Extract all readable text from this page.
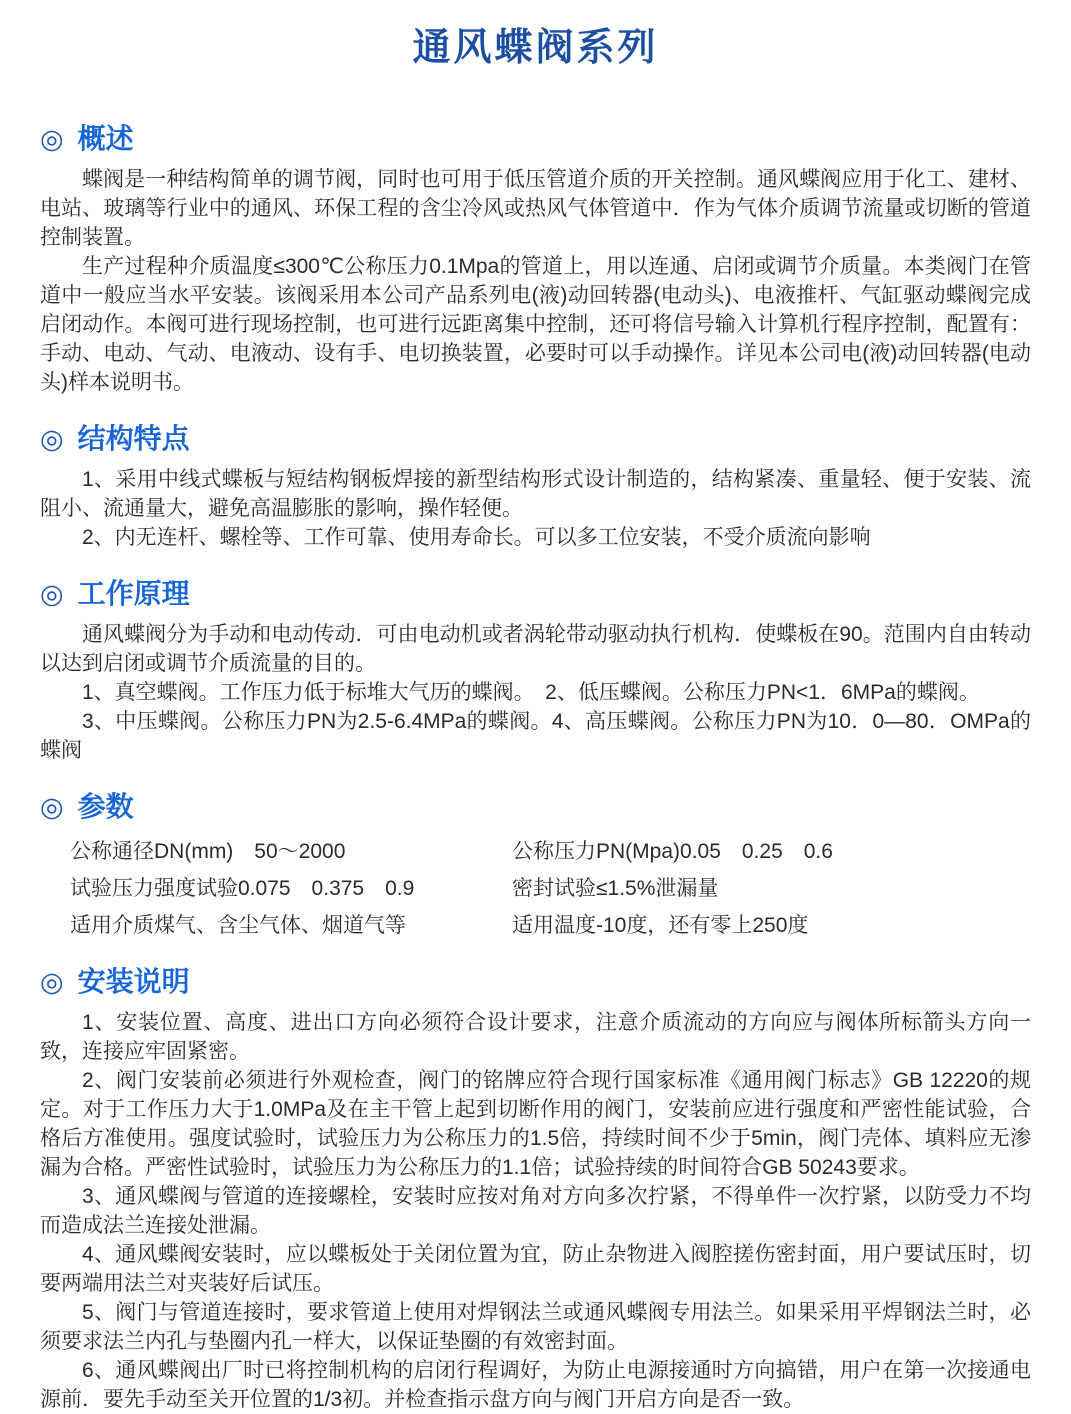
通风蝶阀系列
◎ 概述

蝶阀是一种结构简单的调节阀，同时也可用于低压管道介质的开关控制。通风蝶阀应用于化工、建材、电站、玻璃等行业中的通风、环保工程的含尘冷风或热风气体管道中．作为气体介质调节流量或切断的管道控制装置。

生产过程种介质温度≤300℃公称压力0.1Mpa的管道上，用以连通、启闭或调节介质量。本类阀门在管道中一般应当水平安装。该阀采用本公司产品系列电(液)动回转器(电动头)、电液推杆、气缸驱动蝶阀完成启闭动作。本阀可进行现场控制，也可进行远距离集中控制，还可将信号输入计算机行程序控制，配置有：手动、电动、气动、电液动、设有手、电切换装置，必要时可以手动操作。详见本公司电(液)动回转器(电动头)样本说明书。

◎ 结构特点

1、采用中线式蝶板与短结构钢板焊接的新型结构形式设计制造的，结构紧凑、重量轻、便于安装、流阻小、流通量大，避免高温膨胀的影响，操作轻便。

2、内无连杆、螺栓等、工作可靠、使用寿命长。可以多工位安装，不受介质流向影响

◎ 工作原理

通风蝶阀分为手动和电动传动．可由电动机或者涡轮带动驱动执行机构．使蝶板在90。范围内自由转动以达到启闭或调节介质流量的目的。

1、真空蝶阀。工作压力低于标堆大气历的蝶阀。　2、低压蝶阀。公称压力PN<1．6MPa的蝶阀。

3、中压蝶阀。公称压力PN为2.5-6.4MPa的蝶阀。4、高压蝶阀。公称压力PN为10．0—80．OMPa的蝶阀

◎ 参数
公称通径DN(mm)　50～2000	公称压力PN(Mpa)0.05　0.25　0.6
试验压力强度试验0.075　0.375　0.9	密封试验≤1.5%泄漏量
适用介质煤气、含尘气体、烟道气等	适用温度-10度，还有零上250度
◎ 安装说明

1、安装位置、高度、进出口方向必须符合设计要求，注意介质流动的方向应与阀体所标箭头方向一致，连接应牢固紧密。

2、阀门安装前必须进行外观检查，阀门的铭牌应符合现行国家标准《通用阀门标志》GB 12220的规定。对于工作压力大于1.0MPa及在主干管上起到切断作用的阀门，安装前应进行强度和严密性能试验，合格后方准使用。强度试验时，试验压力为公称压力的1.5倍，持续时间不少于5min，阀门壳体、填料应无渗漏为合格。严密性试验时，试验压力为公称压力的1.1倍；试验持续的时间符合GB 50243要求。

3、通风蝶阀与管道的连接螺栓，安装时应按对角对方向多次拧紧，不得单件一次拧紧，以防受力不均而造成法兰连接处泄漏。

4、通风蝶阀安装时，应以蝶板处于关闭位置为宜，防止杂物进入阀腔搓伤密封面，用户要试压时，切要两端用法兰对夹装好后试压。

5、阀门与管道连接时，要求管道上使用对焊钢法兰或通风蝶阀专用法兰。如果采用平焊钢法兰时，必须要求法兰内孔与垫圈内孔一样大，以保证垫圈的有效密封面。

6、通风蝶阀出厂时已将控制机构的启闭行程调好，为防止电源接通时方向搞错，用户在第一次接通电源前．要先手动至关开位置的1/3初。并检查指示盘方向与阀门开启方向是否一致。
